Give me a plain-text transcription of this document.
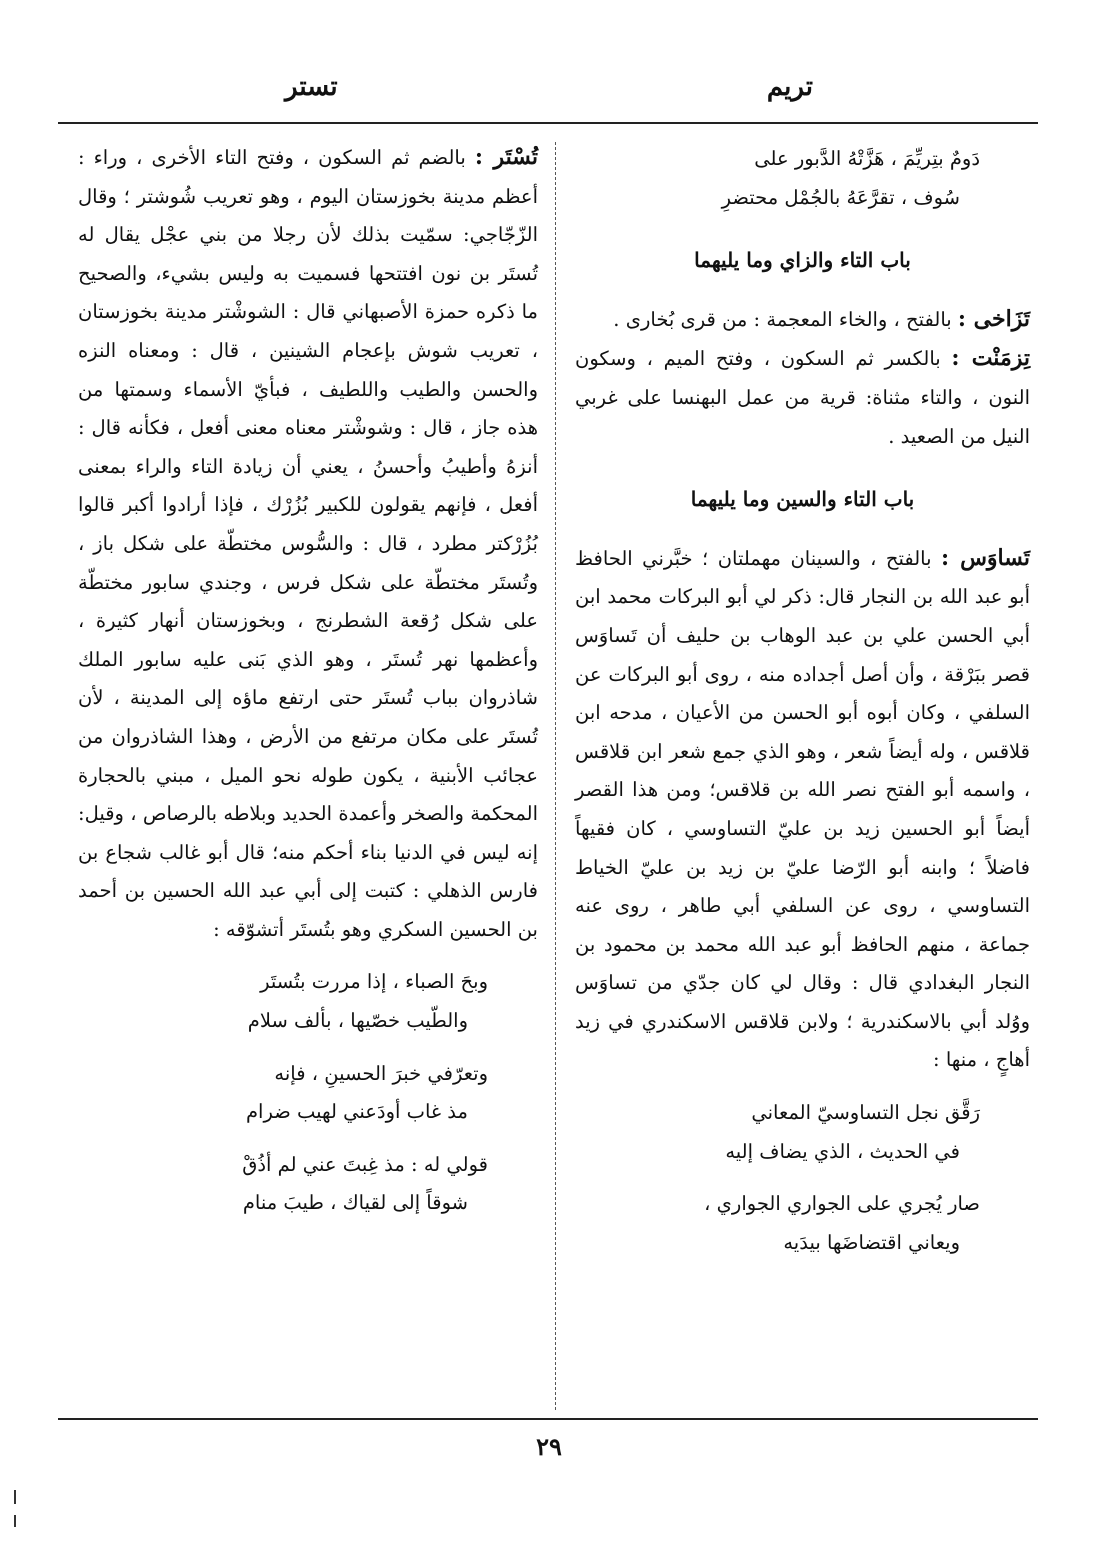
تريم
تستر
دَومٌ بتِريِّمَ ، هَزَّتْهُ الدَّبور على
سُوف ، تقرَّعَهُ بالجُمْل محتضرِ
باب التاء والزاي وما يليهما

تَزَاخى : بالفتح ، والخاء المعجمة : من قرى بُخارى .

تِزمَنْت : بالكسر ثم السكون ، وفتح الميم ، وسكون النون ، والتاء مثناة: قرية من عمل البهنسا على غربي النيل من الصعيد .

باب التاء والسين وما يليهما

تَساوَس : بالفتح ، والسينان مهملتان ؛ خبَّرني الحافظ أبو عبد الله بن النجار قال: ذكر لي أبو البركات محمد ابن أبي الحسن علي بن عبد الوهاب بن حليف أن تَساوَس قصر ببَرْقة ، وأن أصل أجداده منه ، روى أبو البركات عن السلفي ، وكان أبوه أبو الحسن من الأعيان ، مدحه ابن قلاقس ، وله أيضاً شعر ، وهو الذي جمع شعر ابن قلاقس ، واسمه أبو الفتح نصر الله بن قلاقس؛ ومن هذا القصر أيضاً أبو الحسين زيد بن عليّ التساوسي ، كان فقيهاً فاضلاً ؛ وابنه أبو الرّضا عليّ بن زيد بن عليّ الخياط التساوسي ، روى عن السلفي أبي طاهر ، روى عنه جماعة ، منهم الحافظ أبو عبد الله محمد بن محمود بن النجار البغدادي قال : وقال لي كان جدّي من تساوَس ووُلد أبي بالاسكندرية ؛ ولابن قلاقس الاسكندري في زيد أهاجٍ ، منها :

رَقَّق نجل التساوسيّ المعاني
في الحديث ، الذي يضاف إليه
صار يُجري على الجواري الجواري ،
ويعاني اقتضاضَها بيدَيه

تُسْتَر : بالضم ثم السكون ، وفتح التاء الأخرى ، وراء : أعظم مدينة بخوزستان اليوم ، وهو تعريب شُوشتر ؛ وقال الزّجّاجي: سمّيت بذلك لأن رجلا من بني عجْل يقال له تُستَر بن نون افتتحها فسميت به وليس بشيء، والصحيح ما ذكره حمزة الأصبهاني قال : الشوشْتر مدينة بخوزستان ، تعريب شوش بإعجام الشينين ، قال : ومعناه النزه والحسن والطيب واللطيف ، فبأيّ الأسماء وسمتها من هذه جاز ، قال : وشوشْتر معناه معنى أفعل ، فكأنه قال : أنزهُ وأطيبُ وأحسنُ ، يعني أن زيادة التاء والراء بمعنى أفعل ، فإنهم يقولون للكبير بُزُرْك ، فإذا أرادوا أكبر قالوا بُزُرْكتر مطرد ، قال : والسُّوس مختطّة على شكل باز ، وتُستَر مختطّة على شكل فرس ، وجندي سابور مختطّة على شكل رُقعة الشطرنج ، وبخوزستان أنهار كثيرة ، وأعظمها نهر تُستَر ، وهو الذي بَنى عليه سابور الملك شاذروان بباب تُستَر حتى ارتفع ماؤه إلى المدينة ، لأن تُستَر على مكان مرتفع من الأرض ، وهذا الشاذروان من عجائب الأبنية ، يكون طوله نحو الميل ، مبني بالحجارة المحكمة والصخر وأعمدة الحديد وبلاطه بالرصاص ، وقيل: إنه ليس في الدنيا بناء أحكم منه؛ قال أبو غالب شجاع بن فارس الذهلي : كتبت إلى أبي عبد الله الحسين بن أحمد بن الحسين السكري وهو بتُستَر أتشوّقه :

وبحَ الصباء ، إذا مررت بتُستَر
والطّيب خصّيها ، بألف سلام
وتعرّفي خبرَ الحسينِ ، فإنه
مذ غاب أودَعني لهيب ضرام
قولي له : مذ غِبتَ عني لم أذُقْ
شوقاً إلى لقياك ، طيبَ منام
٢٩
